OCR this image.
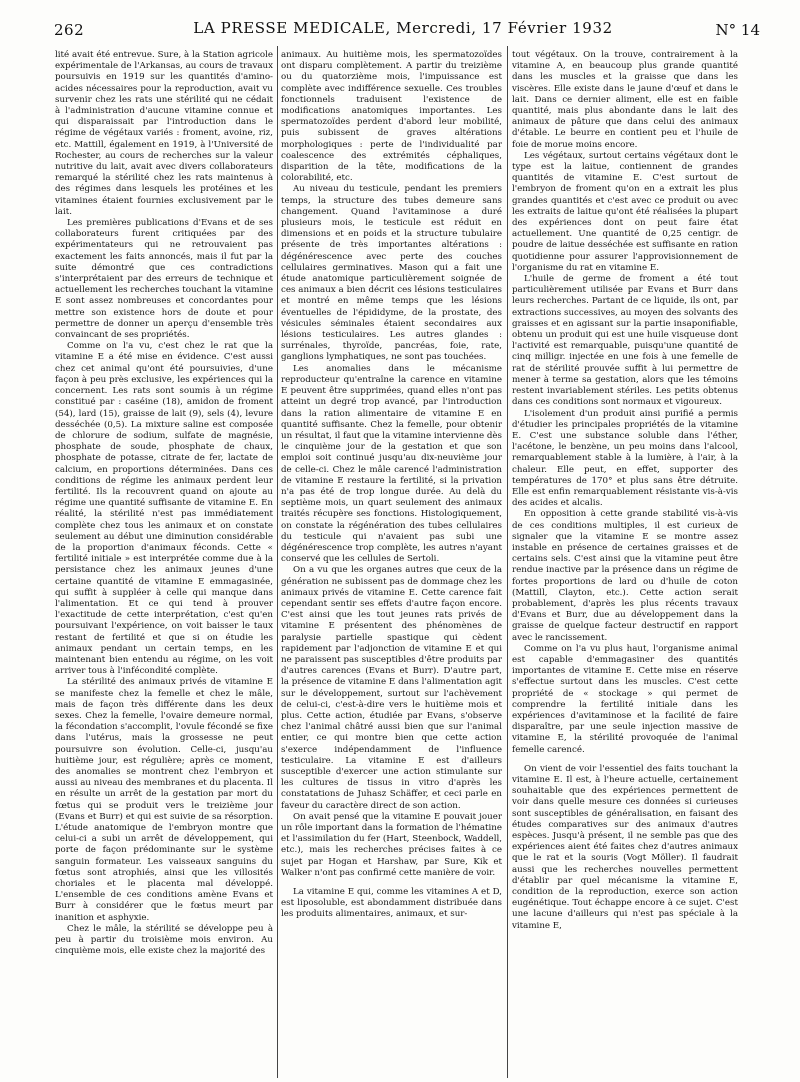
262	LA PRESSE MEDICALE, Mercredi, 17 Février 1932	N° 14

lité avait été entrevue. Sure, à la Station agricole expérimentale de l'Arkansas, au cours de travaux poursuivis en 1919 sur les quantités d'amino-acides nécessaires pour la reproduction, avait vu survenir chez les rats une stérilité qui ne cédait à l'administration d'aucune vitamine connue et qui disparaissait par l'introduction dans le régime de végétaux variés : froment, avoine, riz, etc. Mattill, également en 1919, à l'Université de Rochester, au cours de recherches sur la valeur nutritive du lait, avait avec divers collaborateurs remarqué la stérilité chez les rats maintenus à des régimes dans lesquels les protéines et les vitamines étaient fournies exclusivement par le lait.

Les premières publications d'Evans et de ses collaborateurs furent critiquées par des expérimentateurs qui ne retrouvaient pas exactement les faits annoncés, mais il fut par la suite démontré que ces contradictions s'interprétaient par des erreurs de technique et actuellement les recherches touchant la vitamine E sont assez nombreuses et concordantes pour mettre son existence hors de doute et pour permettre de donner un aperçu d'ensemble très convaincant de ses propriétés.

Comme on l'a vu, c'est chez le rat que la vitamine E a été mise en évidence. C'est aussi chez cet animal qu'ont été poursuivies, d'une façon à peu près exclusive, les expériences qui la concernent. Les rats sont soumis à un régime constitué par : caséine (18), amidon de froment (54), lard (15), graisse de lait (9), sels (4), levure desséchée (0,5). La mixture saline est composée de chlorure de sodium, sulfate de magnésie, phosphate de soude, phosphate de chaux, phosphate de potasse, citrate de fer, lactate de calcium, en proportions déterminées. Dans ces conditions de régime les animaux perdent leur fertilité. Ils la recouvrent quand on ajoute au régime une quantité suffisante de vitamine E. En réalité, la stérilité n'est pas immédiatement complète chez tous les animaux et on constate seulement au début une diminution considérable de la proportion d'animaux féconds. Cette « fertilité initiale » est interprétée comme due à la persistance chez les animaux jeunes d'une certaine quantité de vitamine E emmagasinée, qui suffit à suppléer à celle qui manque dans l'alimentation. Et ce qui tend à prouver l'exactitude de cette interprétation, c'est qu'en poursuivant l'expérience, on voit baisser le taux restant de fertilité et que si on étudie les animaux pendant un certain temps, en les maintenant bien entendu au régime, on les voit arriver tous à l'infécondité complète.

La stérilité des animaux privés de vitamine E se manifeste chez la femelle et chez le mâle, mais de façon très différente dans les deux sexes. Chez la femelle, l'ovaire demeure normal, la fécondation s'accomplit, l'ovule fécondé se fixe dans l'utérus, mais la grossesse ne peut poursuivre son évolution. Celle-ci, jusqu'au huitième jour, est régulière; après ce moment, des anomalies se montrent chez l'embryon et aussi au niveau des membranes et du placenta. Il en résulte un arrêt de la gestation par mort du fœtus qui se produit vers le treizième jour (Evans et Burr) et qui est suivie de sa résorption. L'étude anatomique de l'embryon montre que celui-ci a subi un arrêt de développement, qui porte de façon prédominante sur le système sanguin formateur. Les vaisseaux sanguins du fœtus sont atrophiés, ainsi que les villosités choriales et le placenta mal développé. L'ensemble de ces conditions amène Evans et Burr à considérer que le fœtus meurt par inanition et asphyxie.

Chez le mâle, la stérilité se développe peu à peu à partir du troisième mois environ. Au cinquième mois, elle existe chez la majorité des

animaux. Au huitième mois, les spermatozoïdes ont disparu complètement. A partir du treizième ou du quatorzième mois, l'impuissance est complète avec indifférence sexuelle. Ces troubles fonctionnels traduisent l'existence de modifications anatomiques importantes. Les spermatozoïdes perdent d'abord leur mobilité, puis subissent de graves altérations morphologiques : perte de l'individualité par coalescence des extrémités céphaliques, disparition de la tête, modifications de la colorabilité, etc.

Au niveau du testicule, pendant les premiers temps, la structure des tubes demeure sans changement. Quand l'avitaminose a duré plusieurs mois, le testicule est réduit en dimensions et en poids et la structure tubulaire présente de très importantes altérations : dégénérescence avec perte des couches cellulaires germinatives. Mason qui a fait une étude anatomique particulièrement soignée de ces animaux a bien décrit ces lésions testiculaires et montré en même temps que les lésions éventuelles de l'épididyme, de la prostate, des vésicules séminales étaient secondaires aux lésions testiculaires. Les autres glandes : surrénales, thyroïde, pancréas, foie, rate, ganglions lymphatiques, ne sont pas touchées.

Les anomalies dans le mécanisme reproducteur qu'entraîne la carence en vitamine E peuvent être supprimées, quand elles n'ont pas atteint un degré trop avancé, par l'introduction dans la ration alimentaire de vitamine E en quantité suffisante. Chez la femelle, pour obtenir un résultat, il faut que la vitamine intervienne dès le cinquième jour de la gestation et que son emploi soit continué jusqu'au dix-neuvième jour de celle-ci. Chez le mâle carencé l'administration de vitamine E restaure la fertilité, si la privation n'a pas été de trop longue durée. Au delà du septième mois, un quart seulement des animaux traités récupère ses fonctions. Histologiquement, on constate la régénération des tubes cellulaires du testicule qui n'avaient pas subi une dégénérescence trop complète, les autres n'ayant conservé que les cellules de Sertoli.

On a vu que les organes autres que ceux de la génération ne subissent pas de dommage chez les animaux privés de vitamine E. Cette carence fait cependant sentir ses effets d'autre façon encore. C'est ainsi que les tout jeunes rats privés de vitamine E présentent des phénomènes de paralysie partielle spastique qui cèdent rapidement par l'adjonction de vitamine E et qui ne paraissent pas susceptibles d'être produits par d'autres carences (Evans et Burr). D'autre part, la présence de vitamine E dans l'alimentation agit sur le développement, surtout sur l'achèvement de celui-ci, c'est-à-dire vers le huitième mois et plus. Cette action, étudiée par Evans, s'observe chez l'animal châtré aussi bien que sur l'animal entier, ce qui montre bien que cette action s'exerce indépendamment de l'influence testiculaire. La vitamine E est d'ailleurs susceptible d'exercer une action stimulante sur les cultures de tissus in vitro d'après les constatations de Juhasz Schäffer, et ceci parle en faveur du caractère direct de son action.

On avait pensé que la vitamine E pouvait jouer un rôle important dans la formation de l'hématine et l'assimilation du fer (Hart, Steenbock, Waddell, etc.), mais les recherches précises faites à ce sujet par Hogan et Harshaw, par Sure, Kik et Walker n'ont pas confirmé cette manière de voir.

La vitamine E qui, comme les vitamines A et D, est liposoluble, est abondamment distribuée dans les produits alimentaires, animaux, et sur-

tout végétaux. On la trouve, contrairement à la vitamine A, en beaucoup plus grande quantité dans les muscles et la graisse que dans les viscères. Elle existe dans le jaune d'œuf et dans le lait. Dans ce dernier aliment, elle est en faible quantité, mais plus abondante dans le lait des animaux de pâture que dans celui des animaux d'étable. Le beurre en contient peu et l'huile de foie de morue moins encore.

Les végétaux, surtout certains végétaux dont le type est la laitue, contiennent de grandes quantités de vitamine E. C'est surtout de l'embryon de froment qu'on en a extrait les plus grandes quantités et c'est avec ce produit ou avec les extraits de laitue qu'ont été réalisées la plupart des expériences dont on peut faire état actuellement. Une quantité de 0,25 centigr. de poudre de laitue desséchée est suffisante en ration quotidienne pour assurer l'approvisionnement de l'organisme du rat en vitamine E.

L'huile de germe de froment a été tout particulièrement utilisée par Evans et Burr dans leurs recherches. Partant de ce liquide, ils ont, par extractions successives, au moyen des solvants des graisses et en agissant sur la partie insaponifiable, obtenu un produit qui est une huile visqueuse dont l'activité est remarquable, puisqu'une quantité de cinq milligr. injectée en une fois à une femelle de rat de stérilité prouvée suffit à lui permettre de mener à terme sa gestation, alors que les témoins restent invariablement stériles. Les petits obtenus dans ces conditions sont normaux et vigoureux.

L'isolement d'un produit ainsi purifié a permis d'étudier les principales propriétés de la vitamine E. C'est une substance soluble dans l'éther, l'acétone, le benzène, un peu moins dans l'alcool, remarquablement stable à la lumière, à l'air, à la chaleur. Elle peut, en effet, supporter des températures de 170° et plus sans être détruite. Elle est enfin remarquablement résistante vis-à-vis des acides et alcalis.

En opposition à cette grande stabilité vis-à-vis de ces conditions multiples, il est curieux de signaler que la vitamine E se montre assez instable en présence de certaines graisses et de certains sels. C'est ainsi que la vitamine peut être rendue inactive par la présence dans un régime de fortes proportions de lard ou d'huile de coton (Mattill, Clayton, etc.). Cette action serait probablement, d'après les plus récents travaux d'Evans et Burr, due au développement dans la graisse de quelque facteur destructif en rapport avec le rancissement.

Comme on l'a vu plus haut, l'organisme animal est capable d'emmagasiner des quantités importantes de vitamine E. Cette mise en réserve s'effectue surtout dans les muscles. C'est cette propriété de « stockage » qui permet de comprendre la fertilité initiale dans les expériences d'avitaminose et la facilité de faire disparaître, par une seule injection massive de vitamine E, la stérilité provoquée de l'animal femelle carencé.

On vient de voir l'essentiel des faits touchant la vitamine E. Il est, à l'heure actuelle, certainement souhaitable que des expériences permettent de voir dans quelle mesure ces données si curieuses sont susceptibles de généralisation, en faisant des études comparatives sur des animaux d'autres espèces. Jusqu'à présent, il ne semble pas que des expériences aient été faites chez d'autres animaux que le rat et la souris (Vogt Möller). Il faudrait aussi que les recherches nouvelles permettent d'établir par quel mécanisme la vitamine E, condition de la reproduction, exerce son action eugénétique. Tout échappe encore à ce sujet. C'est une lacune d'ailleurs qui n'est pas spéciale à la vitamine E,
